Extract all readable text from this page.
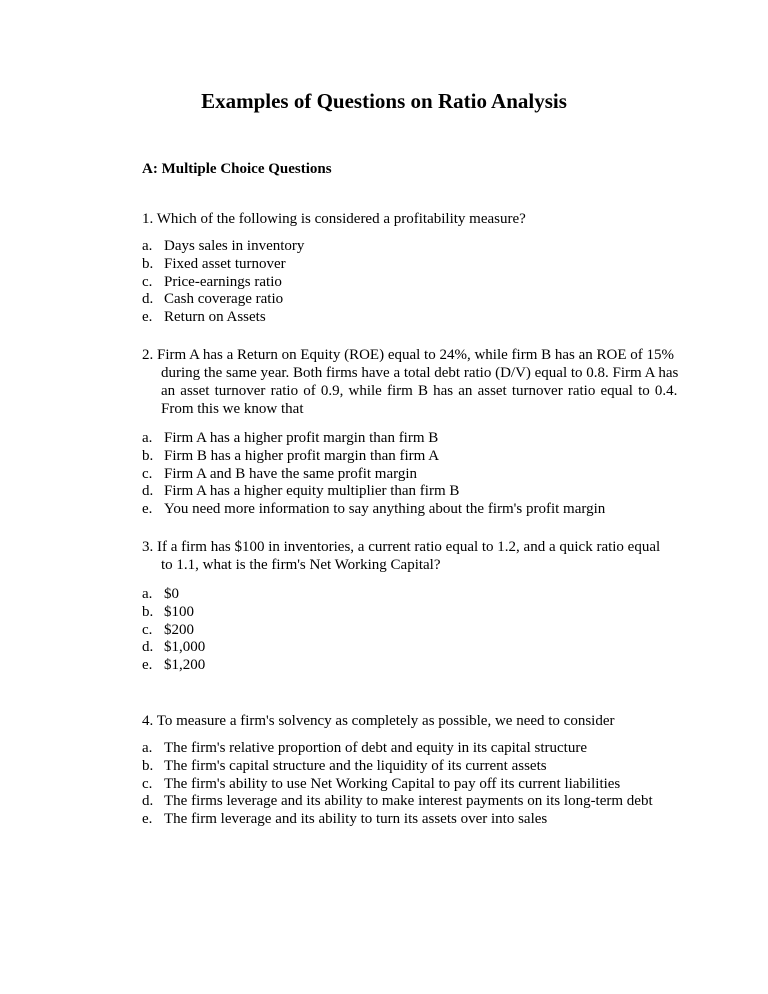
Examples of Questions on Ratio Analysis
A: Multiple Choice Questions
1. Which of the following is considered a profitability measure?
a. Days sales in inventory
b. Fixed asset turnover
c. Price-earnings ratio
d. Cash coverage ratio
e. Return on Assets
2. Firm A has a Return on Equity (ROE) equal to 24%, while firm B has an ROE of 15%
during the same year. Both firms have a total debt ratio (D/V) equal to 0.8. Firm A has
an asset turnover ratio of 0.9, while firm B has an asset turnover ratio equal to 0.4.
From this we know that
a. Firm A has a higher profit margin than firm B
b. Firm B has a higher profit margin than firm A
c. Firm A and B have the same profit margin
d. Firm A has a higher equity multiplier than firm B
e. You need more information to say anything about the firm's profit margin
3. If a firm has $100 in inventories, a current ratio equal to 1.2, and a quick ratio equal
to 1.1, what is the firm's Net Working Capital?
a. $0
b. $100
c. $200
d. $1,000
e. $1,200
4. To measure a firm's solvency as completely as possible, we need to consider
a. The firm's relative proportion of debt and equity in its capital structure
b. The firm's capital structure and the liquidity of its current assets
c. The firm's ability to use Net Working Capital to pay off its current liabilities
d. The firms leverage and its ability to make interest payments on its long-term debt
e. The firm leverage and its ability to turn its assets over into sales
